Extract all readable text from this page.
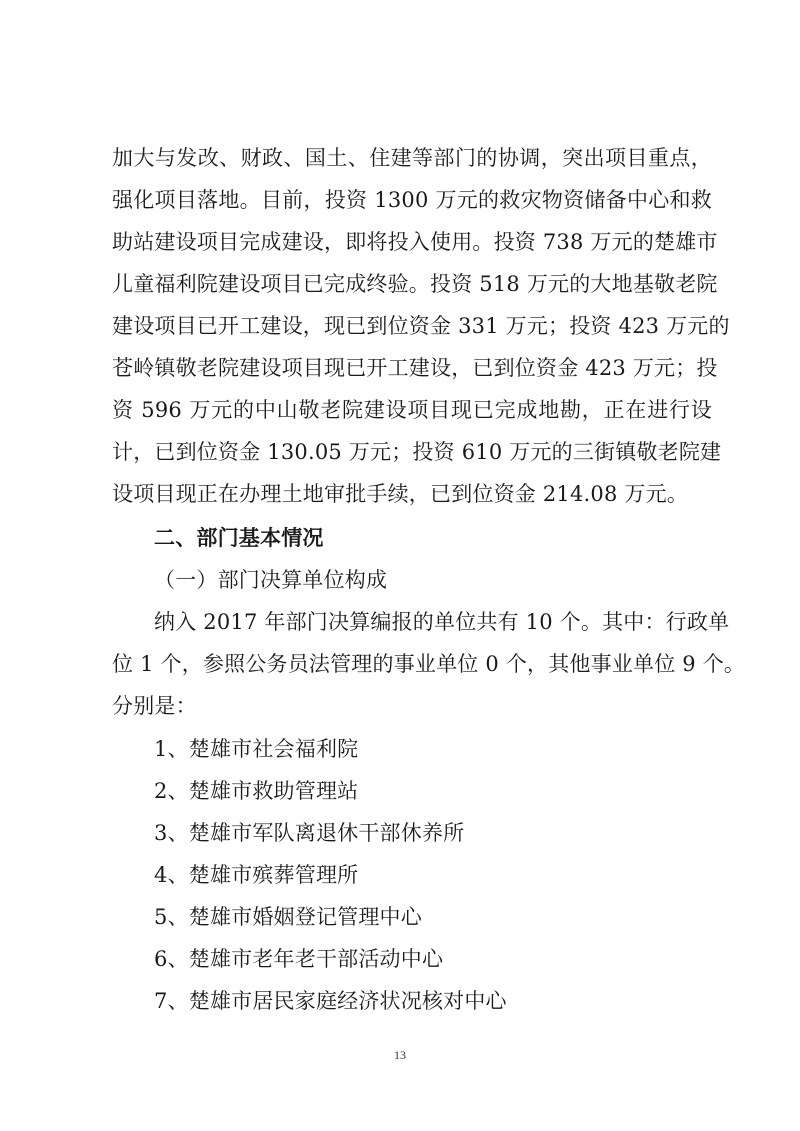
加大与发改、财政、国土、住建等部门的协调，突出项目重点，
强化项目落地。目前，投资 1300 万元的救灾物资储备中心和救
助站建设项目完成建设，即将投入使用。投资 738 万元的楚雄市
儿童福利院建设项目已完成终验。投资 518 万元的大地基敬老院
建设项目已开工建设，现已到位资金 331 万元；投资 423 万元的
苍岭镇敬老院建设项目现已开工建设，已到位资金 423 万元；投
资 596 万元的中山敬老院建设项目现已完成地勘，正在进行设
计，已到位资金 130.05 万元；投资 610 万元的三街镇敬老院建
设项目现正在办理土地审批手续，已到位资金 214.08 万元。
二、部门基本情况
（一）部门决算单位构成
纳入 2017 年部门决算编报的单位共有 10 个。其中：行政单
位 1 个，参照公务员法管理的事业单位 0 个，其他事业单位 9 个。
分别是：
1、楚雄市社会福利院
2、楚雄市救助管理站
3、楚雄市军队离退休干部休养所
4、楚雄市殡葬管理所
5、楚雄市婚姻登记管理中心
6、楚雄市老年老干部活动中心
7、楚雄市居民家庭经济状况核对中心
13
